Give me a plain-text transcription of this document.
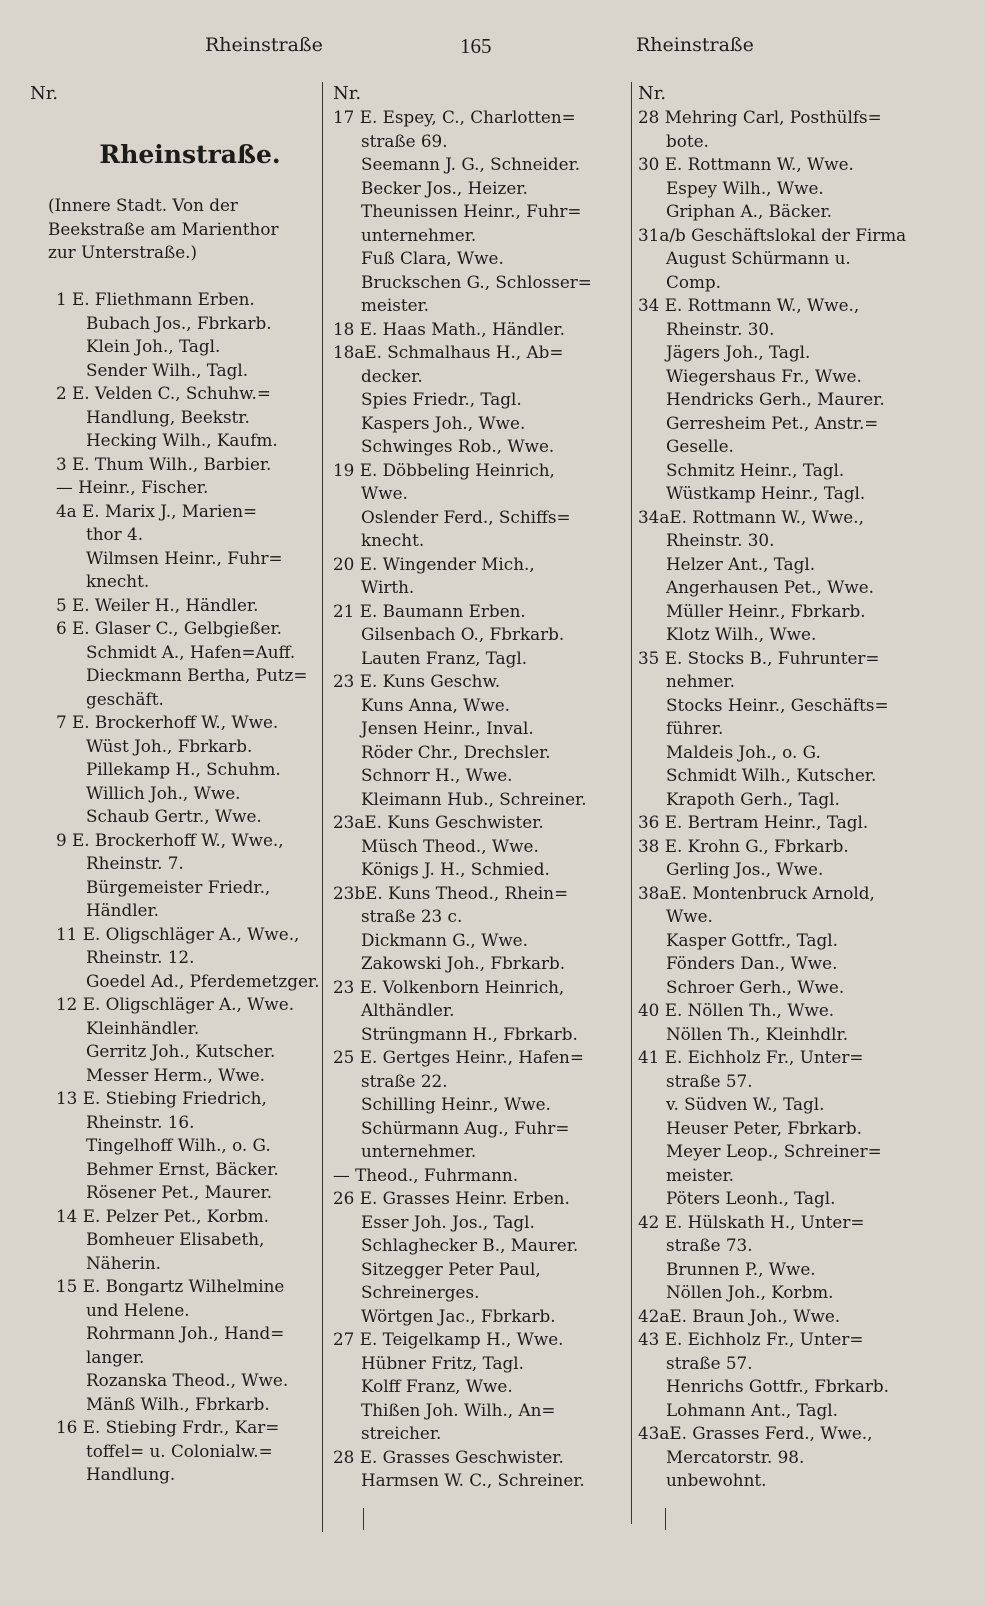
Rheinstraße	165	Rheinstraße
Nr.
Rheinstraße.
(Innere Stadt. Von der
Beekstraße am Marienthor
zur Unterstraße.)
1 E. Fliethmann Erben.
Bubach Jos., Fbrkarb.
Klein Joh., Tagl.
Sender Wilh., Tagl.
2 E. Velden C., Schuhw.=
Handlung, Beekstr.
Hecking Wilh., Kaufm.
3 E. Thum Wilh., Barbier.
— Heinr., Fischer.
4a E. Marix J., Marien=
thor 4.
Wilmsen Heinr., Fuhr=
knecht.
5 E. Weiler H., Händler.
6 E. Glaser C., Gelbgießer.
Schmidt A., Hafen=Auff.
Dieckmann Bertha, Putz=
geschäft.
7 E. Brockerhoff W., Wwe.
Wüst Joh., Fbrkarb.
Pillekamp H., Schuhm.
Willich Joh., Wwe.
Schaub Gertr., Wwe.
9 E. Brockerhoff W., Wwe.,
Rheinstr. 7.
Bürgemeister Friedr.,
Händler.
11 E. Oligschläger A., Wwe.,
Rheinstr. 12.
Goedel Ad., Pferdemetzger.
12 E. Oligschläger A., Wwe.
Kleinhändler.
Gerritz Joh., Kutscher.
Messer Herm., Wwe.
13 E. Stiebing Friedrich,
Rheinstr. 16.
Tingelhoff Wilh., o. G.
Behmer Ernst, Bäcker.
Rösener Pet., Maurer.
14 E. Pelzer Pet., Korbm.
Bomheuer Elisabeth,
Näherin.
15 E. Bongartz Wilhelmine
und Helene.
Rohrmann Joh., Hand=
langer.
Rozanska Theod., Wwe.
Mänß Wilh., Fbrkarb.
16 E. Stiebing Frdr., Kar=
toffel= u. Colonialw.=
Handlung.
Nr.
17 E. Espey, C., Charlotten=
straße 69.
Seemann J. G., Schneider.
Becker Jos., Heizer.
Theunissen Heinr., Fuhr=
unternehmer.
Fuß Clara, Wwe.
Bruckschen G., Schlosser=
meister.
18 E. Haas Math., Händler.
18aE. Schmalhaus H., Ab=
decker.
Spies Friedr., Tagl.
Kaspers Joh., Wwe.
Schwinges Rob., Wwe.
19 E. Döbbeling Heinrich,
Wwe.
Oslender Ferd., Schiffs=
knecht.
20 E. Wingender Mich.,
Wirth.
21 E. Baumann Erben.
Gilsenbach O., Fbrkarb.
Lauten Franz, Tagl.
23 E. Kuns Geschw.
Kuns Anna, Wwe.
Jensen Heinr., Inval.
Röder Chr., Drechsler.
Schnorr H., Wwe.
Kleimann Hub., Schreiner.
23aE. Kuns Geschwister.
Müsch Theod., Wwe.
Königs J. H., Schmied.
23bE. Kuns Theod., Rhein=
straße 23 c.
Dickmann G., Wwe.
Zakowski Joh., Fbrkarb.
23 E. Volkenborn Heinrich,
Althändler.
Strüngmann H., Fbrkarb.
25 E. Gertges Heinr., Hafen=
straße 22.
Schilling Heinr., Wwe.
Schürmann Aug., Fuhr=
unternehmer.
— Theod., Fuhrmann.
26 E. Grasses Heinr. Erben.
Esser Joh. Jos., Tagl.
Schlaghecker B., Maurer.
Sitzegger Peter Paul,
Schreinerges.
Wörtgen Jac., Fbrkarb.
27 E. Teigelkamp H., Wwe.
Hübner Fritz, Tagl.
Kolff Franz, Wwe.
Thißen Joh. Wilh., An=
streicher.
28 E. Grasses Geschwister.
Harmsen W. C., Schreiner.
Nr.
28 Mehring Carl, Posthülfs=
bote.
30 E. Rottmann W., Wwe.
Espey Wilh., Wwe.
Griphan A., Bäcker.
31a/b Geschäftslokal der Firma
August Schürmann u.
Comp.
34 E. Rottmann W., Wwe.,
Rheinstr. 30.
Jägers Joh., Tagl.
Wiegershaus Fr., Wwe.
Hendricks Gerh., Maurer.
Gerresheim Pet., Anstr.=
Geselle.
Schmitz Heinr., Tagl.
Wüstkamp Heinr., Tagl.
34aE. Rottmann W., Wwe.,
Rheinstr. 30.
Helzer Ant., Tagl.
Angerhausen Pet., Wwe.
Müller Heinr., Fbrkarb.
Klotz Wilh., Wwe.
35 E. Stocks B., Fuhrunter=
nehmer.
Stocks Heinr., Geschäfts=
führer.
Maldeis Joh., o. G.
Schmidt Wilh., Kutscher.
Krapoth Gerh., Tagl.
36 E. Bertram Heinr., Tagl.
38 E. Krohn G., Fbrkarb.
Gerling Jos., Wwe.
38aE. Montenbruck Arnold,
Wwe.
Kasper Gottfr., Tagl.
Fönders Dan., Wwe.
Schroer Gerh., Wwe.
40 E. Nöllen Th., Wwe.
Nöllen Th., Kleinhdlr.
41 E. Eichholz Fr., Unter=
straße 57.
v. Südven W., Tagl.
Heuser Peter, Fbrkarb.
Meyer Leop., Schreiner=
meister.
Pöters Leonh., Tagl.
42 E. Hülskath H., Unter=
straße 73.
Brunnen P., Wwe.
Nöllen Joh., Korbm.
42aE. Braun Joh., Wwe.
43 E. Eichholz Fr., Unter=
straße 57.
Henrichs Gottfr., Fbrkarb.
Lohmann Ant., Tagl.
43aE. Grasses Ferd., Wwe.,
Mercatorstr. 98.
unbewohnt.
